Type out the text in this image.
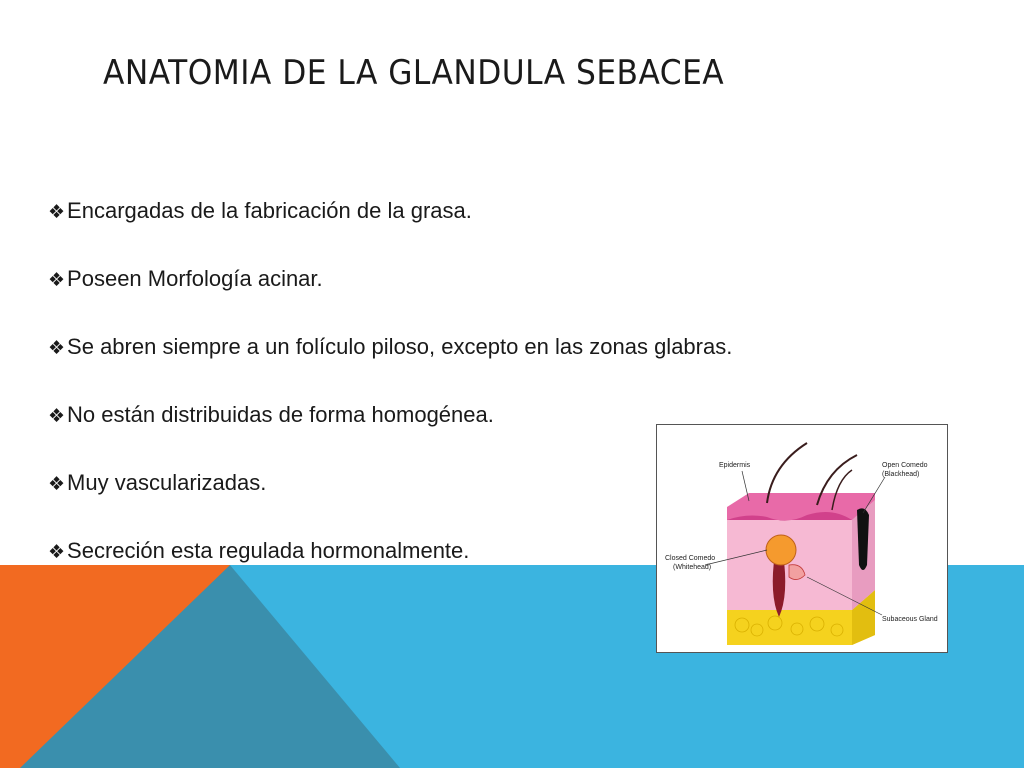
ANATOMIA DE LA GLANDULA SEBACEA
❖Encargadas de la fabricación de la grasa.
❖Poseen Morfología acinar.
❖Se abren siempre a un folículo piloso, excepto en las zonas glabras.
❖No están distribuidas de forma homogénea.
❖Muy vascularizadas.
❖Secreción esta regulada hormonalmente.
Epidermis	Open Comedo
(Blackhead)
Closed Comedo
(Whitehead)
Subaceous Gland
